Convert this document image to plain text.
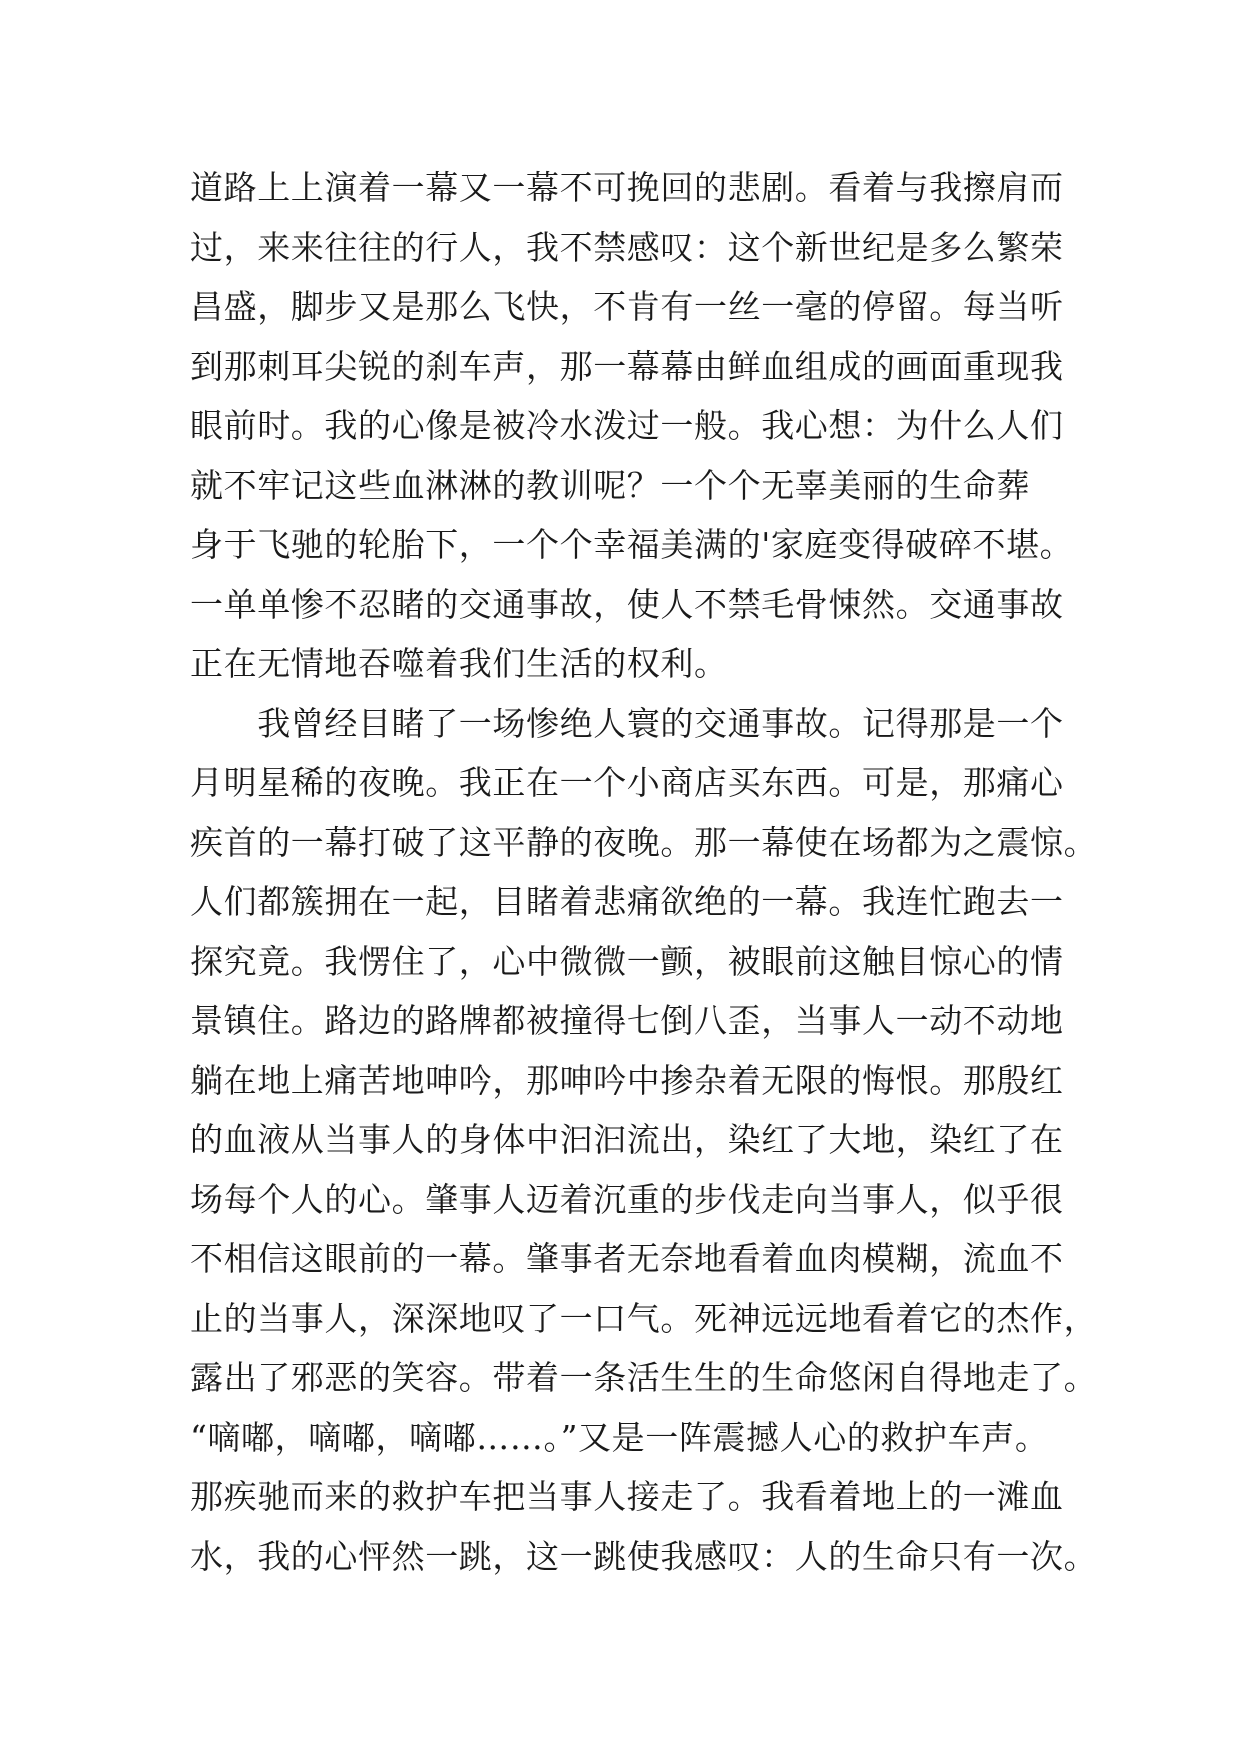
道路上上演着一幕又一幕不可挽回的悲剧。看着与我擦肩而
过，来来往往的行人，我不禁感叹：这个新世纪是多么繁荣
昌盛，脚步又是那么飞快，不肯有一丝一毫的停留。每当听
到那刺耳尖锐的刹车声，那一幕幕由鲜血组成的画面重现我
眼前时。我的心像是被冷水泼过一般。我心想：为什么人们
就不牢记这些血淋淋的教训呢？一个个无辜美丽的生命葬
身于飞驰的轮胎下，一个个幸福美满的'家庭变得破碎不堪。
一单单惨不忍睹的交通事故，使人不禁毛骨悚然。交通事故
正在无情地吞噬着我们生活的权利。
　　我曾经目睹了一场惨绝人寰的交通事故。记得那是一个
月明星稀的夜晚。我正在一个小商店买东西。可是，那痛心
疾首的一幕打破了这平静的夜晚。那一幕使在场都为之震惊。
人们都簇拥在一起，目睹着悲痛欲绝的一幕。我连忙跑去一
探究竟。我愣住了，心中微微一颤，被眼前这触目惊心的情
景镇住。路边的路牌都被撞得七倒八歪，当事人一动不动地
躺在地上痛苦地呻吟，那呻吟中掺杂着无限的悔恨。那殷红
的血液从当事人的身体中汩汩流出，染红了大地，染红了在
场每个人的心。肇事人迈着沉重的步伐走向当事人，似乎很
不相信这眼前的一幕。肇事者无奈地看着血肉模糊，流血不
止的当事人，深深地叹了一口气。死神远远地看着它的杰作，
露出了邪恶的笑容。带着一条活生生的生命悠闲自得地走了。
“嘀嘟，嘀嘟，嘀嘟……。”又是一阵震撼人心的救护车声。
那疾驰而来的救护车把当事人接走了。我看着地上的一滩血
水，我的心怦然一跳，这一跳使我感叹：人的生命只有一次。
